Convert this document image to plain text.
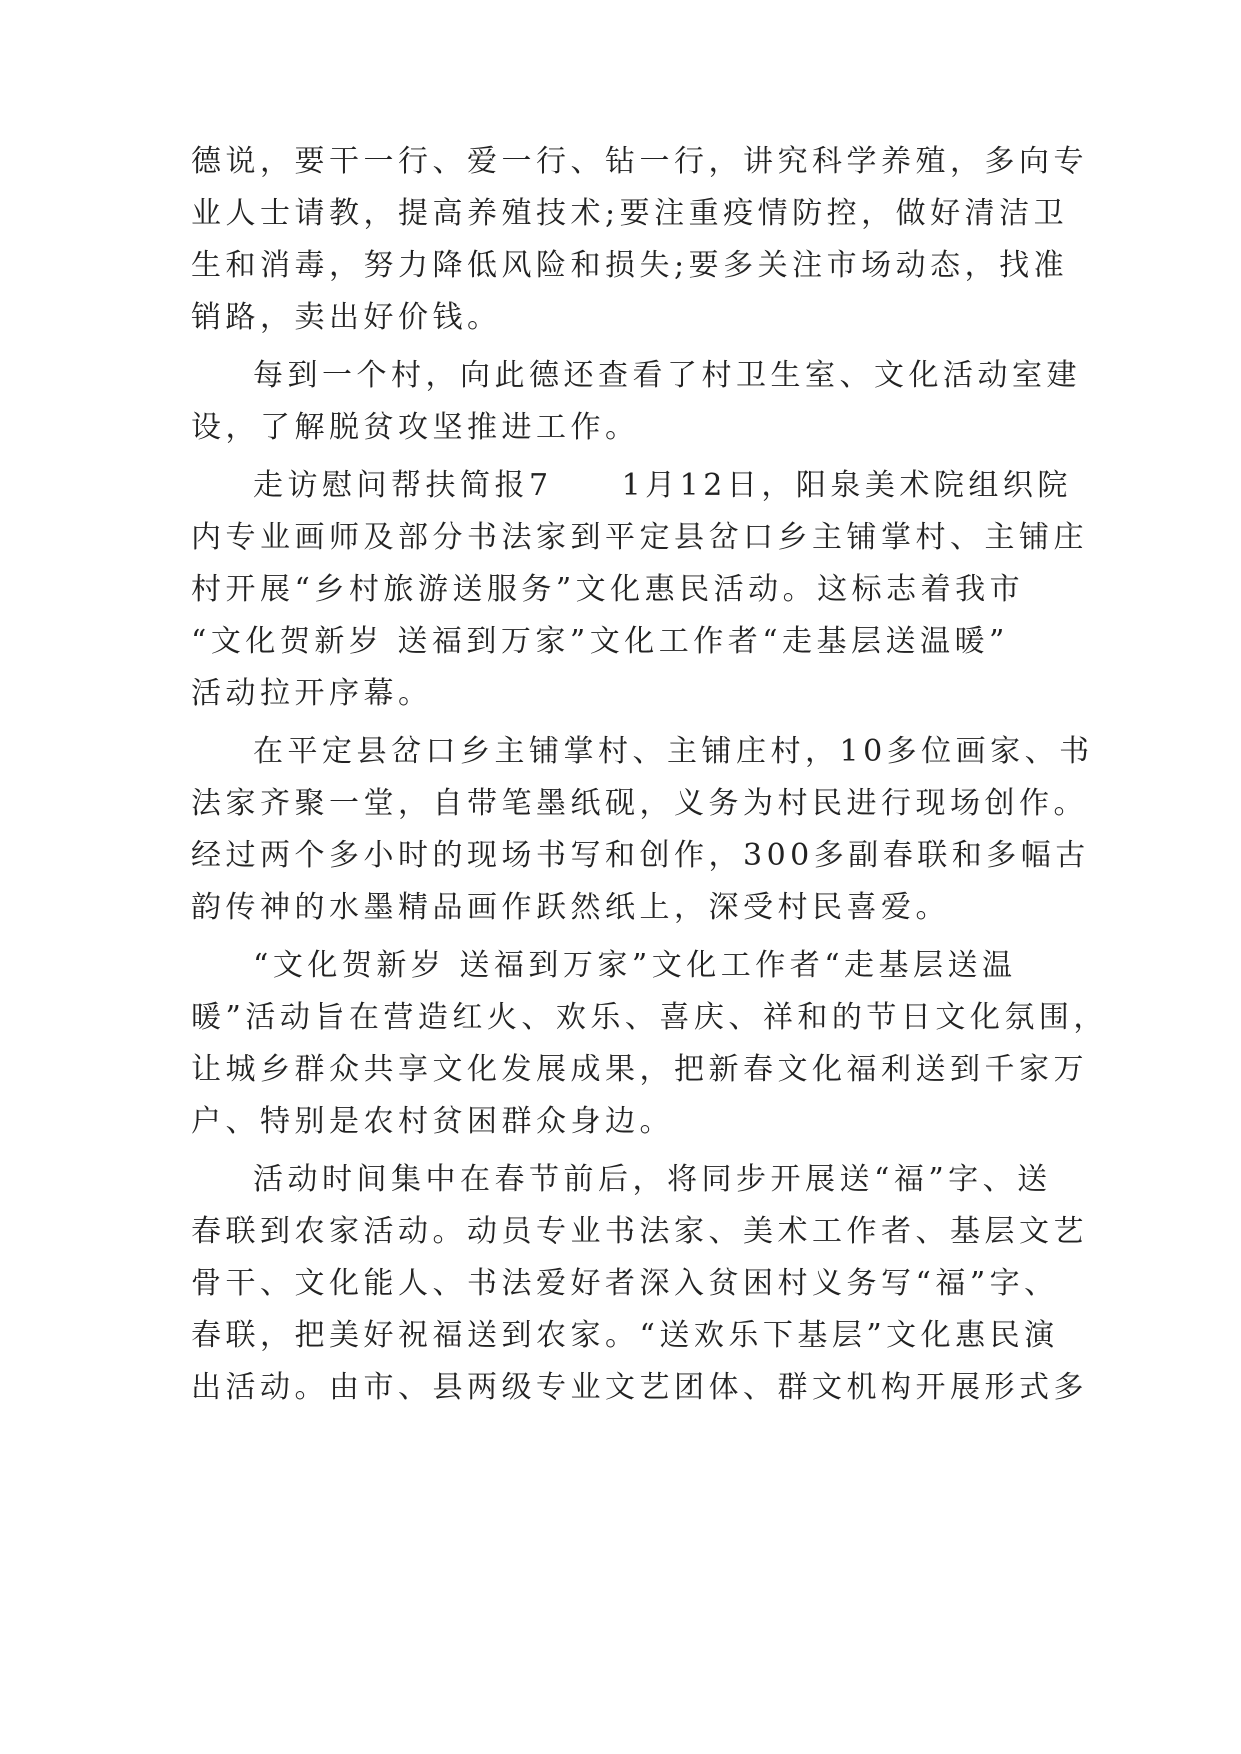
德说，要干一行、爱一行、钻一行，讲究科学养殖，多向专
业人士请教，提高养殖技术;要注重疫情防控，做好清洁卫
生和消毒，努力降低风险和损失;要多关注市场动态，找准
销路，卖出好价钱。
每到一个村，向此德还查看了村卫生室、文化活动室建
设，了解脱贫攻坚推进工作。
走访慰问帮扶简报7　　1月12日，阳泉美术院组织院
内专业画师及部分书法家到平定县岔口乡主铺掌村、主铺庄
村开展“乡村旅游送服务”文化惠民活动。这标志着我市
“文化贺新岁 送福到万家”文化工作者“走基层送温暖”
活动拉开序幕。
在平定县岔口乡主铺掌村、主铺庄村，10多位画家、书
法家齐聚一堂，自带笔墨纸砚，义务为村民进行现场创作。
经过两个多小时的现场书写和创作，300多副春联和多幅古
韵传神的水墨精品画作跃然纸上，深受村民喜爱。
“文化贺新岁 送福到万家”文化工作者“走基层送温
暖”活动旨在营造红火、欢乐、喜庆、祥和的节日文化氛围，
让城乡群众共享文化发展成果，把新春文化福利送到千家万
户、特别是农村贫困群众身边。
活动时间集中在春节前后，将同步开展送“福”字、送
春联到农家活动。动员专业书法家、美术工作者、基层文艺
骨干、文化能人、书法爱好者深入贫困村义务写“福”字、
春联，把美好祝福送到农家。“送欢乐下基层”文化惠民演
出活动。由市、县两级专业文艺团体、群文机构开展形式多
